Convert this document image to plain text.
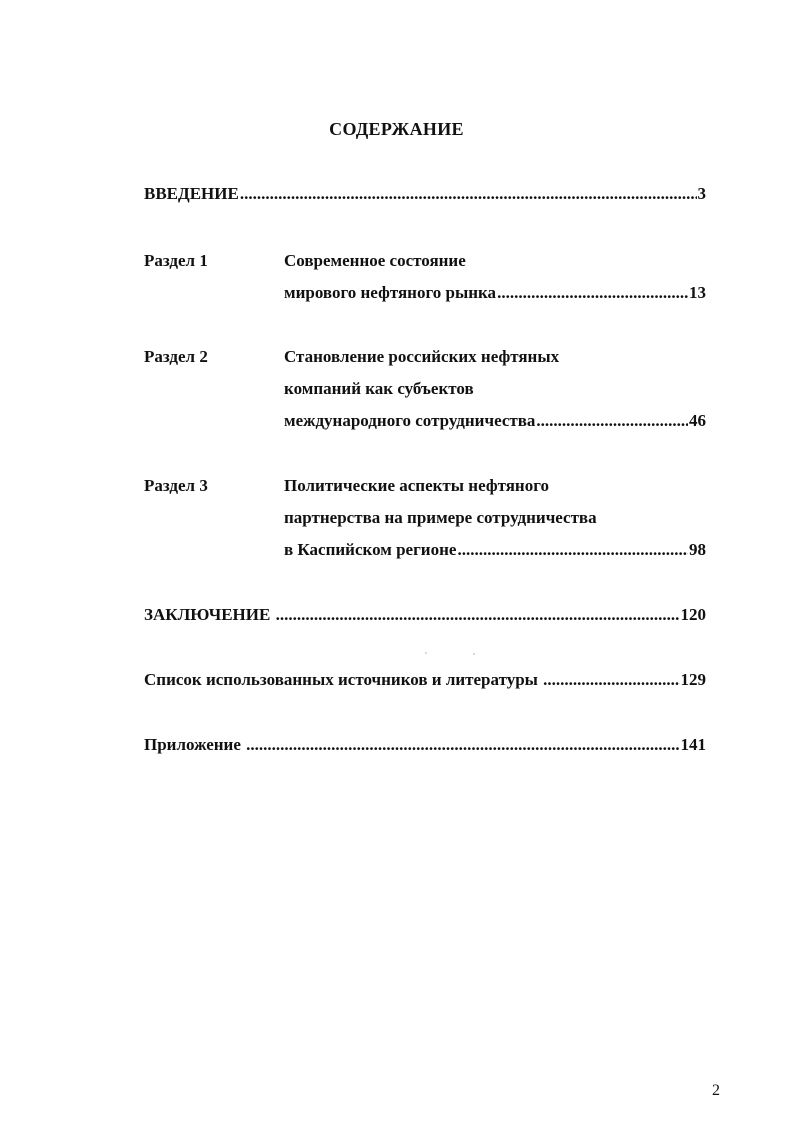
СОДЕРЖАНИЕ
ВВЕДЕНИЕ .....	3
Раздел 1	Современное состояние
мирового нефтяного рынка .....	13
Раздел 2	Становление российских нефтяных
компаний как субъектов
международного сотрудничества .....	46
Раздел 3	Политические аспекты нефтяного
партнерства на примере сотрудничества
в Каспийском регионе .....	98
ЗАКЛЮЧЕНИЕ .....	120
Список использованных источников и литературы .....	129
Приложение .....	141
2
